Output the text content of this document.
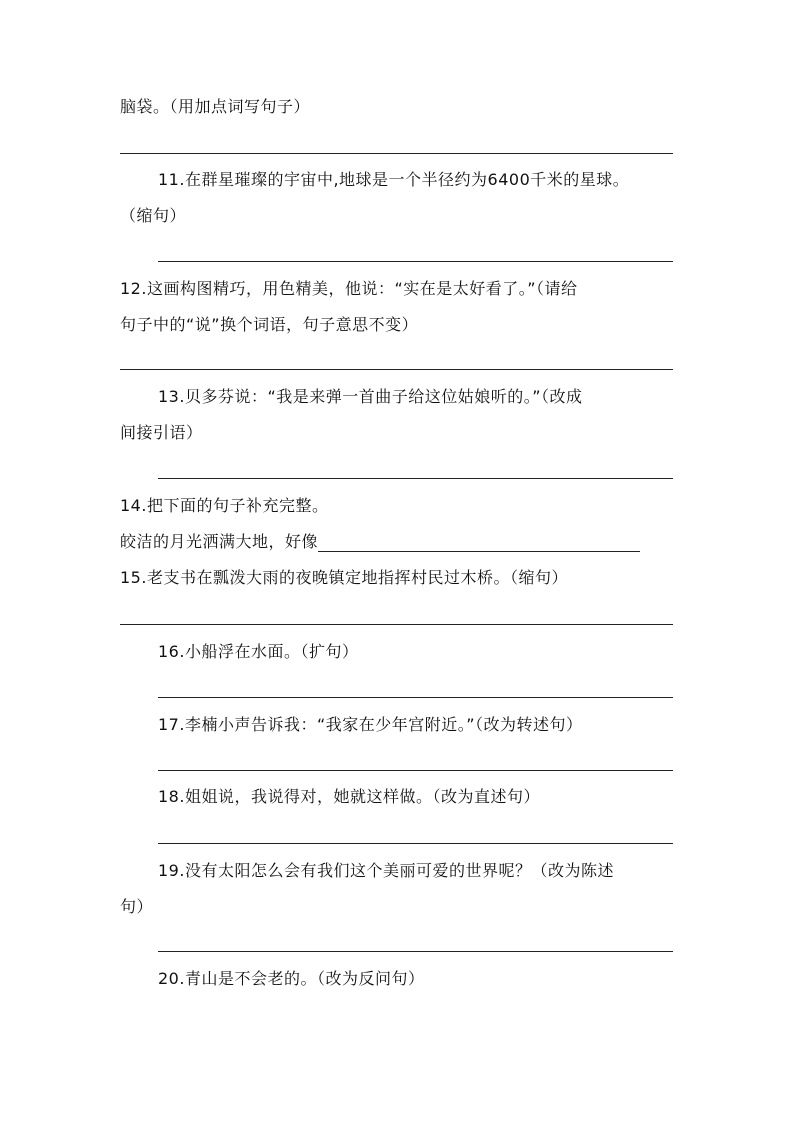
脑袋。（用加点词写句子）
11.在群星璀璨的宇宙中,地球是一个半径约为6400千米的星球。
（缩句）
12.这画构图精巧，用色精美，他说：“实在是太好看了。”（请给
句子中的“说”换个词语，句子意思不变）
13.贝多芬说：“我是来弹一首曲子给这位姑娘听的。”（改成
间接引语）
14.把下面的句子补充完整。
皎洁的月光洒满大地，好像
15.老支书在瓢泼大雨的夜晚镇定地指挥村民过木桥。（缩句）
16.小船浮在水面。（扩句）
17.李楠小声告诉我：“我家在少年宫附近。”（改为转述句）
18.姐姐说，我说得对，她就这样做。（改为直述句）
19.没有太阳怎么会有我们这个美丽可爱的世界呢？（改为陈述
句）
20.青山是不会老的。（改为反问句）
